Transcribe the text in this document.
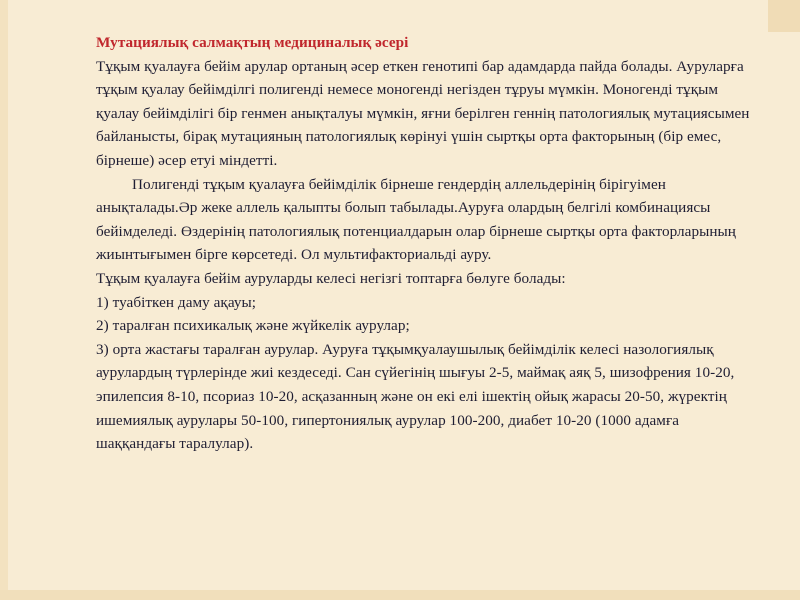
Мутациялық салмақтың медициналық әсері

Тұқым қуалауға бейім арулар ортаның әсер еткен генотипі бар адамдарда пайда болады. Ауруларға тұқым қуалау бейімділгі полигенді немесе моногенді негізден тұруы мүмкін. Моногенді тұқым қуалау бейімділігі бір генмен анықталуы мүмкін, яғни берілген геннің патологиялық мутациясымен байланысты, бірақ мутацияның патологиялық көрінуі үшін сыртқы орта факторының (бір емес, бірнеше) әсер етуі міндетті.

Полигенді тұқым қуалауға бейімділік бірнеше гендердің аллельдерінің бірігуімен анықталады.Әр жеке аллель қалыпты болып табылады.Ауруға олардың белгілі комбинациясы бейімделеді. Өздерінің патологиялық потенциалдарын олар бірнеше сыртқы орта факторларының жиынтығымен бірге көрсетеді. Ол мультифакториальді ауру.

Тұқым қуалауға бейім ауруларды келесі негізгі топтарға бөлуге болады:
1) туабіткен даму ақауы;
2) таралған психикалық және жүйкелік аурулар;
3) орта жастағы таралған аурулар. Ауруға тұқымқуалаушылық бейімділік келесі назологиялық аурулардың түрлерінде жиі кездеседі. Сан сүйегінің шығуы 2-5, маймақ аяқ 5, шизофрения 10-20, эпилепсия 8-10, псориаз 10-20, асқазанның және он екі елі ішектің ойық жарасы 20-50, жүректің ишемиялық аурулары 50-100, гипертониялық аурулар 100-200, диабет 10-20 (1000 адамға шаққандағы таралулар).
